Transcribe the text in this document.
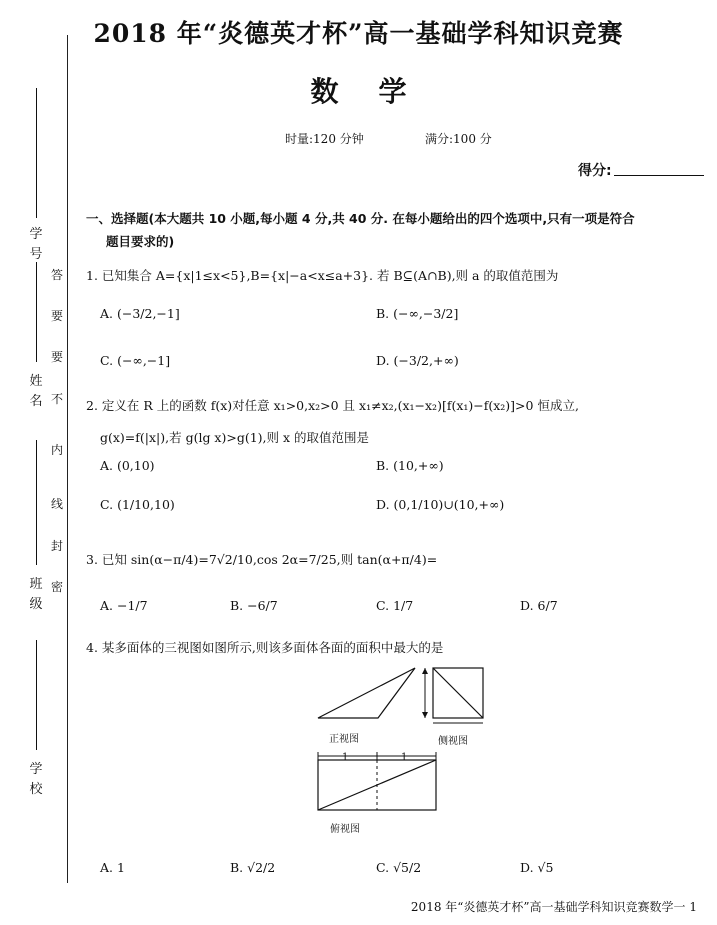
2018 年“炎德英才杯”高一基础学科知识竞赛
数学
时量:120 分钟	满分:100 分
得分:
学号
姓名
班级
学校
答
要
要
不
内
线
封
密
一、选择题(本大题共 10 小题,每小题 4 分,共 40 分. 在每小题给出的四个选项中,只有一项是符合
题目要求的)
1. 已知集合 A={x|1≤x<5},B={x|−a<x≤a+3}. 若 B⊆(A∩B),则 a 的取值范围为
A. (−3/2,−1]	B. (−∞,−3/2]
C. (−∞,−1]	D. (−3/2,+∞)
2. 定义在 R 上的函数 f(x)对任意 x₁>0,x₂>0 且 x₁≠x₂,(x₁−x₂)[f(x₁)−f(x₂)]>0 恒成立,
g(x)=f(|x|),若 g(lg x)>g(1),则 x 的取值范围是
A. (0,10)	B. (10,+∞)
C. (1/10,10)	D. (0,1/10)∪(10,+∞)
3. 已知 sin(α−π/4)=7√2/10,cos 2α=7/25,则 tan(α+π/4)=
A. −1/7	B. −6/7	C. 1/7	D. 6/7
4. 某多面体的三视图如图所示,则该多面体各面的面积中最大的是
正视图	侧视图
1	1
俯视图
A. 1	B. √2/2	C. √5/2	D. √5
2018 年“炎德英才杯”高一基础学科知识竞赛数学一 1
